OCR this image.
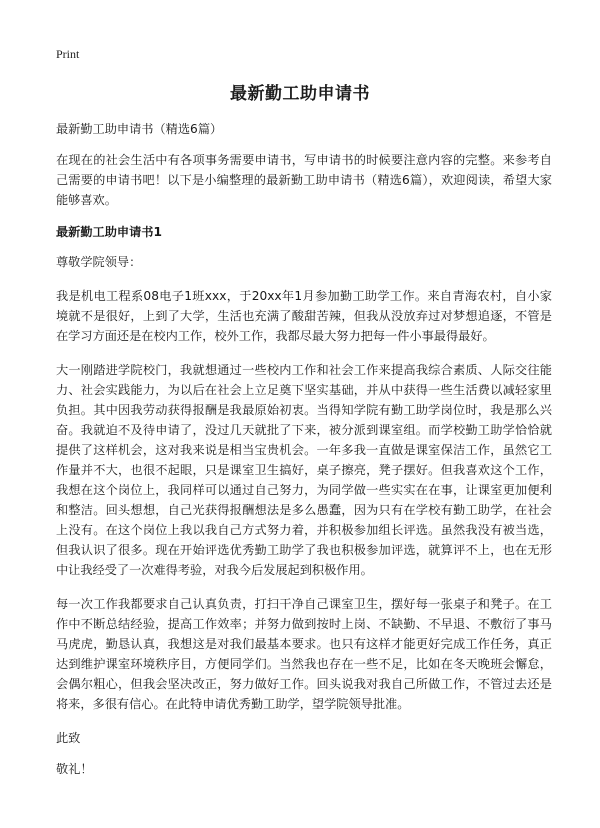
Print
最新勤工助申请书

最新勤工助申请书（精选6篇）

在现在的社会生活中有各项事务需要申请书，写申请书的时候要注意内容的完整。来参考自己需要的申请书吧！以下是小编整理的最新勤工助申请书（精选6篇），欢迎阅读，希望大家能够喜欢。

最新勤工助申请书1

尊敬学院领导：

我是机电工程系08电子1班xxx，于20xx年1月参加勤工助学工作。来自青海农村，自小家境就不是很好，上到了大学，生活也充满了酸甜苦辣，但我从没放弃过对梦想追逐，不管是在学习方面还是在校内工作，校外工作，我都尽最大努力把每一件小事最得最好。

大一刚踏进学院校门，我就想通过一些校内工作和社会工作来提高我综合素质、人际交往能力、社会实践能力，为以后在社会上立足奠下坚实基础，并从中获得一些生活费以减轻家里负担。其中因我劳动获得报酬是我最原始初衷。当得知学院有勤工助学岗位时，我是那么兴奋。我就迫不及待申请了，没过几天就批了下来，被分派到课室组。而学校勤工助学恰恰就提供了这样机会，这对我来说是相当宝贵机会。一年多我一直做是课室保洁工作，虽然它工作量并不大，也很不起眼，只是课室卫生搞好，桌子擦亮，凳子摆好。但我喜欢这个工作，我想在这个岗位上，我同样可以通过自己努力，为同学做一些实实在在事，让课室更加便利和整洁。回头想想，自己光获得报酬想法是多么愚蠢，因为只有在学校有勤工助学，在社会上没有。在这个岗位上我以我自己方式努力着，并积极参加组长评选。虽然我没有被当选，但我认识了很多。现在开始评选优秀勤工助学了我也积极参加评选，就算评不上，也在无形中让我经受了一次难得考验，对我今后发展起到积极作用。

每一次工作我都要求自己认真负责，打扫干净自己课室卫生，摆好每一张桌子和凳子。在工作中不断总结经验，提高工作效率；并努力做到按时上岗、不缺勤、不早退、不敷衍了事马马虎虎，勤恳认真，我想这是对我们最基本要求。也只有这样才能更好完成工作任务，真正达到维护课室环境秩序目，方便同学们。当然我也存在一些不足，比如在冬天晚班会懈怠，会偶尔粗心，但我会坚决改正，努力做好工作。回头说我对我自己所做工作，不管过去还是将来，多很有信心。在此特申请优秀勤工助学，望学院领导批准。

此致

敬礼！
